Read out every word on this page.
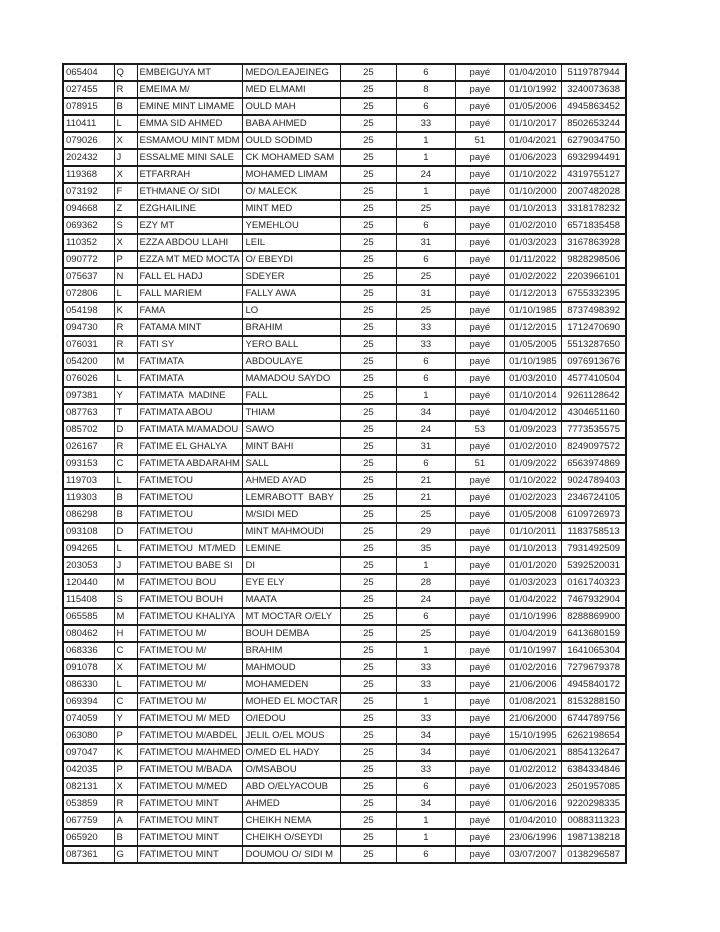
065404	Q	EMBEIGUYA MT	MEDO/LEAJEINEG	25	6	payé	01/04/2010	5119787944
027455	R	EMEIMA M/	MED ELMAMI	25	8	payé	01/10/1992	3240073638
078915	B	EMINE MINT LIMAME	OULD MAH	25	6	payé	01/05/2006	4945863452
110411	L	EMMA SID AHMED	BABA AHMED	25	33	payé	01/10/2017	8502653244
079026	X	ESMAMOU MINT MDM	OULD SODIMD	25	1	51	01/04/2021	6279034750
202432	J	ESSALME MINI SALE	CK MOHAMED SAM	25	1	payé	01/06/2023	6932994491
119368	X	ETFARRAH	MOHAMED LIMAM	25	24	payé	01/10/2022	4319755127
073192	F	ETHMANE O/ SIDI	O/ MALECK	25	1	payé	01/10/2000	2007482028
094668	Z	EZGHAILINE	MINT MED	25	25	payé	01/10/2013	3318178232
069362	S	EZY MT	YEMEHLOU	25	6	payé	01/02/2010	6571835458
110352	X	EZZA ABDOU LLAHI	LEIL	25	31	payé	01/03/2023	3167863928
090772	P	EZZA MT MED MOCTA	O/ EBEYDI	25	6	payé	01/11/2022	9828298506
075637	N	FALL EL HADJ	SDEYER	25	25	payé	01/02/2022	2203966101
072806	L	FALL MARIEM	FALLY AWA	25	31	payé	01/12/2013	6755332395
054198	K	FAMA	LO	25	25	payé	01/10/1985	8737498392
094730	R	FATAMA MINT	BRAHIM	25	33	payé	01/12/2015	1712470690
076031	R	FATI SY	YERO BALL	25	33	payé	01/05/2005	5513287650
054200	M	FATIMATA	ABDOULAYE	25	6	payé	01/10/1985	0976913676
076026	L	FATIMATA	MAMADOU SAYDO	25	6	payé	01/03/2010	4577410504
097381	Y	FATIMATA  MADINE	FALL	25	1	payé	01/10/2014	9261128642
087763	T	FATIMATA ABOU	THIAM	25	34	payé	01/04/2012	4304651160
085702	D	FATIMATA M/AMADOU	SAWO	25	24	53	01/09/2023	7773535575
026167	R	FATIME EL GHALYA	MINT BAHI	25	31	payé	01/02/2010	8249097572
093153	C	FATIMETA ABDARAHM	SALL	25	6	51	01/09/2022	6563974869
119703	L	FATIMETOU	AHMED AYAD	25	21	payé	01/10/2022	9024789403
119303	B	FATIMETOU	LEMRABOTT  BABY	25	21	payé	01/02/2023	2346724105
086298	B	FATIMETOU	M/SIDI MED	25	25	payé	01/05/2008	6109726973
093108	D	FATIMETOU	MINT MAHMOUDI	25	29	payé	01/10/2011	1183758513
094265	L	FATIMETOU  MT/MED	LEMINE	25	35	payé	01/10/2013	7931492509
203053	J	FATIMETOU BABE SI	DI	25	1	payé	01/01/2020	5392520031
120440	M	FATIMETOU BOU	EYE ELY	25	28	payé	01/03/2023	0161740323
115408	S	FATIMETOU BOUH	MAATA	25	24	payé	01/04/2022	7467932904
065585	M	FATIMETOU KHALIYA	MT MOCTAR O/ELY	25	6	payé	01/10/1996	8288869900
080462	H	FATIMETOU M/	BOUH DEMBA	25	25	payé	01/04/2019	6413680159
068336	C	FATIMETOU M/	BRAHIM	25	1	payé	01/10/1997	1641065304
091078	X	FATIMETOU M/	MAHMOUD	25	33	payé	01/02/2016	7279679378
086330	L	FATIMETOU M/	MOHAMEDEN	25	33	payé	21/06/2006	4945840172
069394	C	FATIMETOU M/	MOHED EL MOCTAR	25	1	payé	01/08/2021	8153288150
074059	Y	FATIMETOU M/ MED	O/IEDOU	25	33	payé	21/06/2000	6744789756
063080	P	FATIMETOU M/ABDEL	JELIL O/EL MOUS	25	34	payé	15/10/1995	6262198654
097047	K	FATIMETOU M/AHMED	O/MED EL HADY	25	34	payé	01/06/2021	8854132647
042035	P	FATIMETOU M/BADA	O/MSABOU	25	33	payé	01/02/2012	6384334846
082131	X	FATIMETOU M/MED	ABD O/ELYACOUB	25	6	payé	01/06/2023	2501957085
053859	R	FATIMETOU MINT	AHMED	25	34	payé	01/06/2016	9220298335
067759	A	FATIMETOU MINT	CHEIKH NEMA	25	1	payé	01/04/2010	0088311323
065920	B	FATIMETOU MINT	CHEIKH O/SEYDI	25	1	payé	23/06/1996	1987138218
087361	G	FATIMETOU MINT	DOUMOU O/ SIDI M	25	6	payé	03/07/2007	0138296587
